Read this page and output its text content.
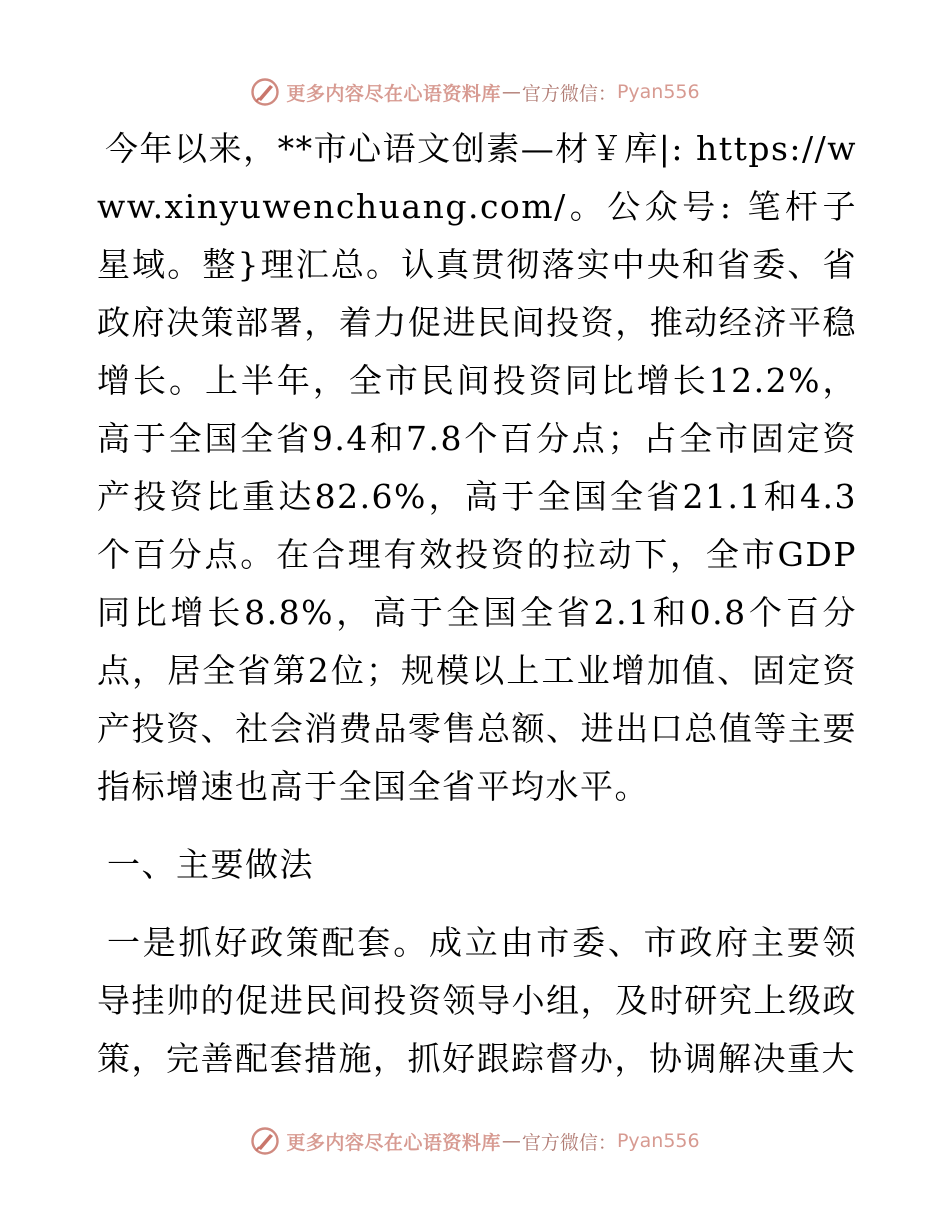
更多内容尽在心语资料库 — 官方微信： Pyan556

今年以来，**市心语文创素—材￥库|: https://www.xinyuwenchuang.com/。公众号: 笔杆子星域。整}理汇总。认真贯彻落实中央和省委、省政府决策部署，着力促进民间投资，推动经济平稳增长。上半年，全市民间投资同比增长12.2%，高于全国全省9.4和7.8个百分点；占全市固定资产投资比重达82.6%，高于全国全省21.1和4.3个百分点。在合理有效投资的拉动下，全市GDP同比增长8.8%，高于全国全省2.1和0.8个百分点，居全省第2位；规模以上工业增加值、固定资产投资、社会消费品零售总额、进出口总值等主要指标增速也高于全国全省平均水平。

一、主要做法

一是抓好政策配套。成立由市委、市政府主要领导挂帅的促进民间投资领导小组，及时研究上级政策，完善配套措施，抓好跟踪督办，协调解决重大

更多内容尽在心语资料库 — 官方微信： Pyan556
